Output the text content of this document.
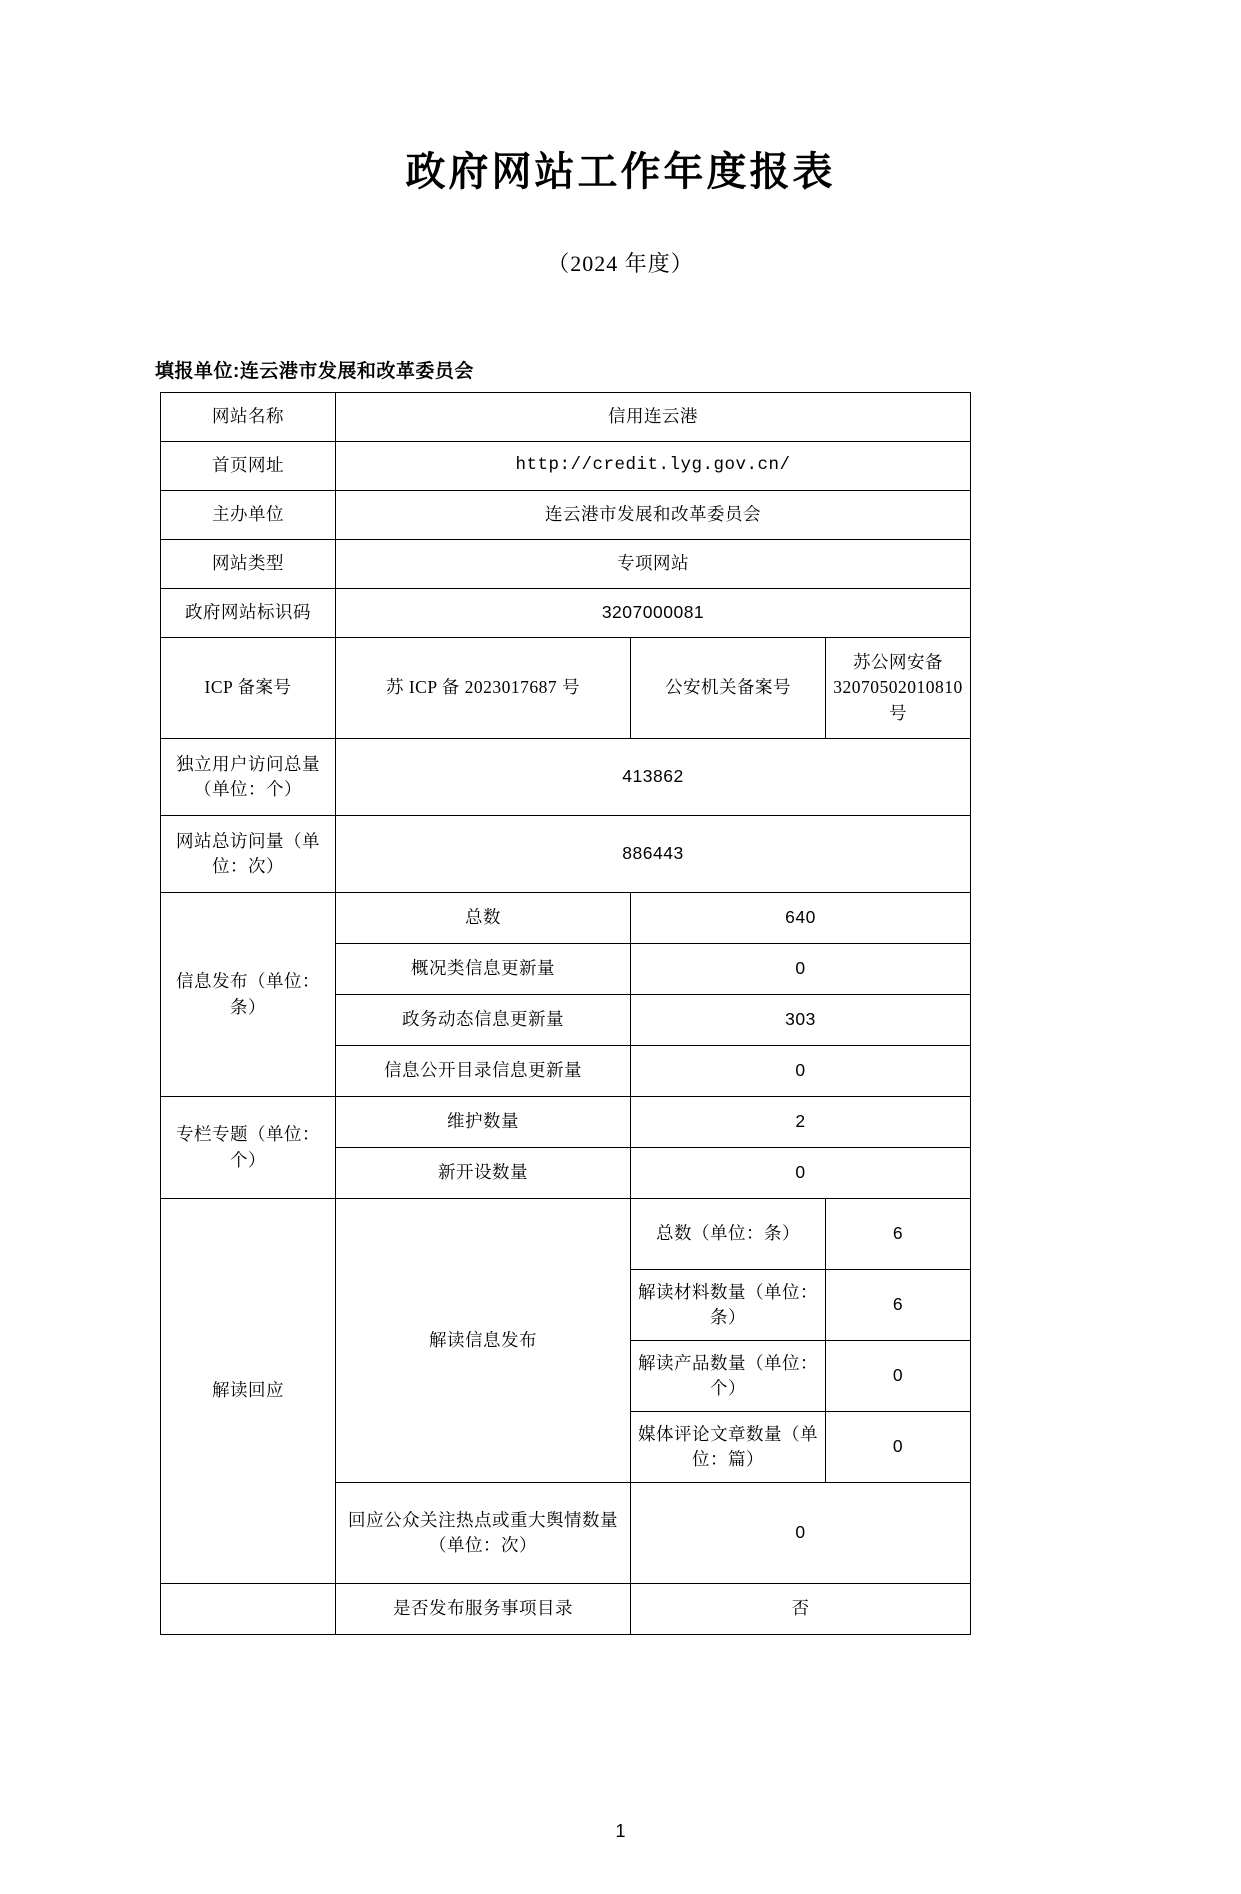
政府网站工作年度报表
（2024 年度）
填报单位:连云港市发展和改革委员会
网站名称	信用连云港		
首页网址	http://credit.lyg.gov.cn/		
主办单位	连云港市发展和改革委员会		
网站类型	专项网站		
政府网站标识码	3207000081		
ICP 备案号	苏 ICP 备 2023017687 号	公安机关备案号	苏公网安备 32070502010810 号
独立用户访问总量（单位：个）	413862		
网站总访问量（单位：次）	886443		
信息发布（单位：条）	总数	640	
	概况类信息更新量	0	
	政务动态信息更新量	303	
	信息公开目录信息更新量	0	
专栏专题（单位：个）	维护数量	2	
	新开设数量	0	
解读回应	解读信息发布	总数（单位：条）	6
		解读材料数量（单位：条）	6
		解读产品数量（单位：个）	0
		媒体评论文章数量（单位：篇）	0
	回应公众关注热点或重大舆情数量（单位：次）	0	
	是否发布服务事项目录	否	
1
